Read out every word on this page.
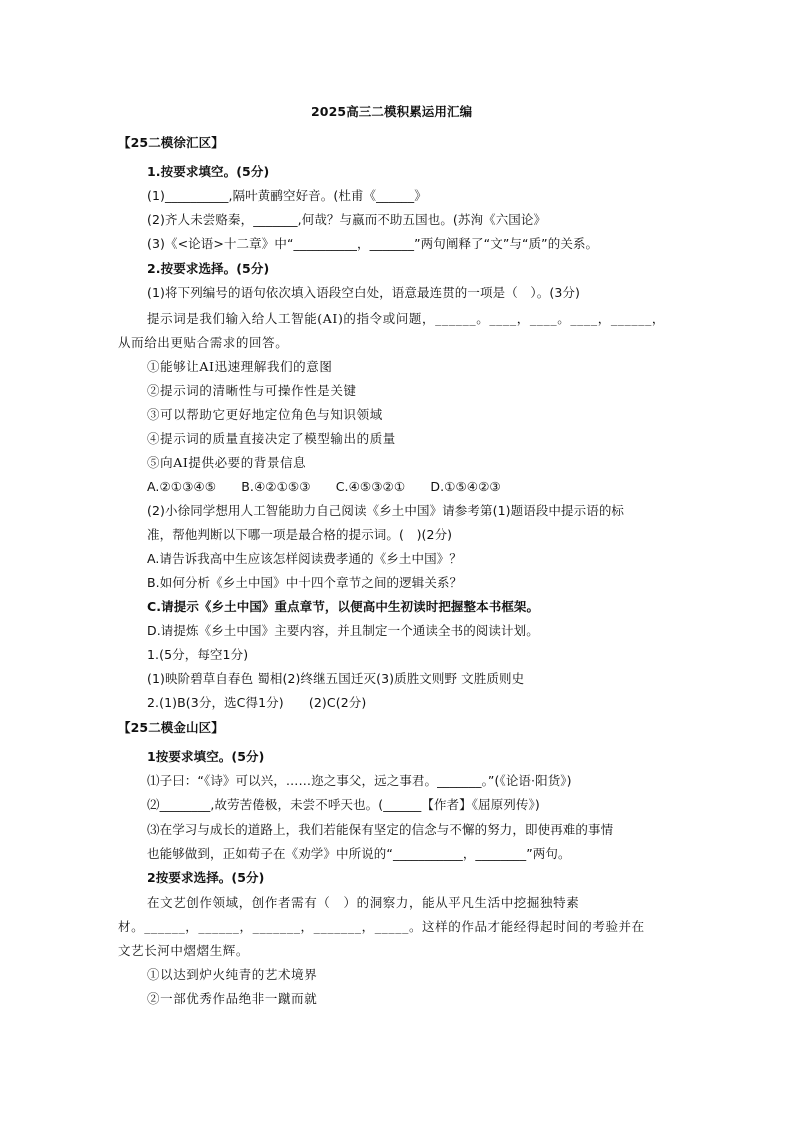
2025高三二模积累运用汇编
【25二模徐汇区】
1.按要求填空。(5分)
(1)__________,隔叶黄鹂空好音。(杜甫《______》
(2)齐人未尝赂秦，_______,何哉？与嬴而不助五国也。(苏洵《六国论》
(3)《<论语>十二章》中“__________，_______”两句阐释了“文”与“质”的关系。
2.按要求选择。(5分)
(1)将下列编号的语句依次填入语段空白处，语意最连贯的一项是（　）。(3分)
提示词是我们输入给人工智能(AI)的指令或问题，______。____，____。____，______，
从而给出更贴合需求的回答。
①能够让AI迅速理解我们的意图
②提示词的清晰性与可操作性是关键
③可以帮助它更好地定位角色与知识领域
④提示词的质量直接决定了模型输出的质量
⑤向AI提供必要的背景信息
A.②①③④⑤　　B.④②①⑤③　　C.④⑤③②①　　D.①⑤④②③
(2)小徐同学想用人工智能助力自己阅读《乡土中国》请参考第(1)题语段中提示语的标
准，帮他判断以下哪一项是最合格的提示词。(　)(2分)
A.请告诉我高中生应该怎样阅读费孝通的《乡土中国》？
B.如何分析《乡土中国》中十四个章节之间的逻辑关系？
C.请提示《乡土中国》重点章节，以便高中生初读时把握整本书框架。
D.请提炼《乡土中国》主要内容，并且制定一个通读全书的阅读计划。
1.(5分，每空1分)
(1)映阶碧草自春色 蜀相(2)终继五国迁灭(3)质胜文则野 文胜质则史
2.(1)B(3分，选C得1分)　　(2)C(2分)
【25二模金山区】
1按要求填空。(5分)
⑴子曰：“《诗》可以兴，……迩之事父，远之事君。_______。”(《论语·阳货》)
⑵________,故劳苦倦极，未尝不呼天也。(______【作者】《屈原列传》)
⑶在学习与成长的道路上，我们若能保有坚定的信念与不懈的努力，即使再难的事情
也能够做到，正如荀子在《劝学》中所说的“___________，________”两句。
2按要求选择。(5分)
在文艺创作领域，创作者需有（　）的洞察力，能从平凡生活中挖掘独特素
材。______，______，_______，_______，_____。这样的作品才能经得起时间的考验并在
文艺长河中熠熠生辉。
①以达到炉火纯青的艺术境界
②一部优秀作品绝非一蹴而就
